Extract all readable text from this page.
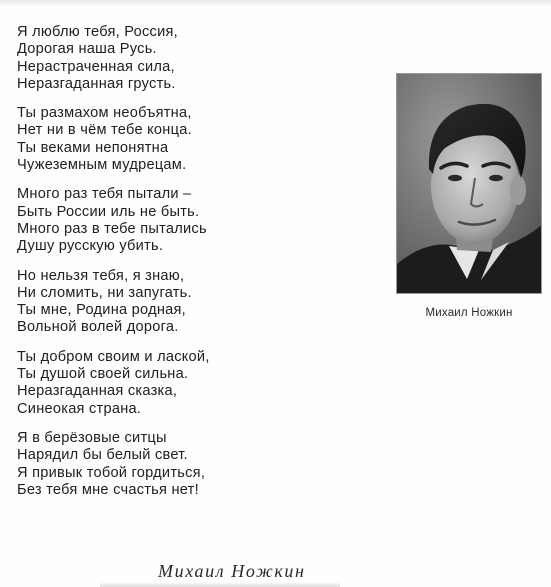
Я люблю тебя, Россия,
Дорогая наша Русь.
Нерастраченная сила,
Неразгаданная грусть.
Ты размахом необъятна,
Нет ни в чём тебе конца.
Ты веками непонятна
Чужеземным мудрецам.
Много раз тебя пытали –
Быть России иль не быть.
Много раз в тебе пытались
Душу русскую убить.
Но нельзя тебя, я знаю,
Ни сломить, ни запугать.
Ты мне, Родина родная,
Вольной волей дорога.
Ты добром своим и лаской,
Ты душой своей сильна.
Неразгаданная сказка,
Синеокая страна.
Я в берёзовые ситцы
Нарядил бы белый свет.
Я привык тобой гордиться,
Без тебя мне счастья нет!
Михаил Ножкин
Михаил Ножкин
